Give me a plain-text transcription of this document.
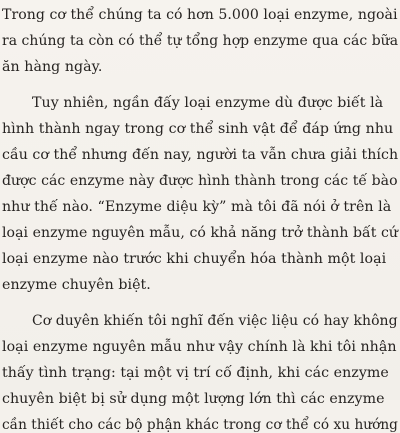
Trong cơ thể chúng ta có hơn 5.000 loại enzyme, ngoài
ra chúng ta còn có thể tự tổng hợp enzyme qua các bữa
ăn hàng ngày.
Tuy nhiên, ngần đấy loại enzyme dù được biết là
hình thành ngay trong cơ thể sinh vật để đáp ứng nhu
cầu cơ thể nhưng đến nay, người ta vẫn chưa giải thích
được các enzyme này được hình thành trong các tế bào
như thế nào. “Enzyme diệu kỳ” mà tôi đã nói ở trên là
loại enzyme nguyên mẫu, có khả năng trở thành bất cứ
loại enzyme nào trước khi chuyển hóa thành một loại
enzyme chuyên biệt.
Cơ duyên khiến tôi nghĩ đến việc liệu có hay không
loại enzyme nguyên mẫu như vậy chính là khi tôi nhận
thấy tình trạng: tại một vị trí cố định, khi các enzyme
chuyên biệt bị sử dụng một lượng lớn thì các enzyme
cần thiết cho các bộ phận khác trong cơ thể có xu hướng
